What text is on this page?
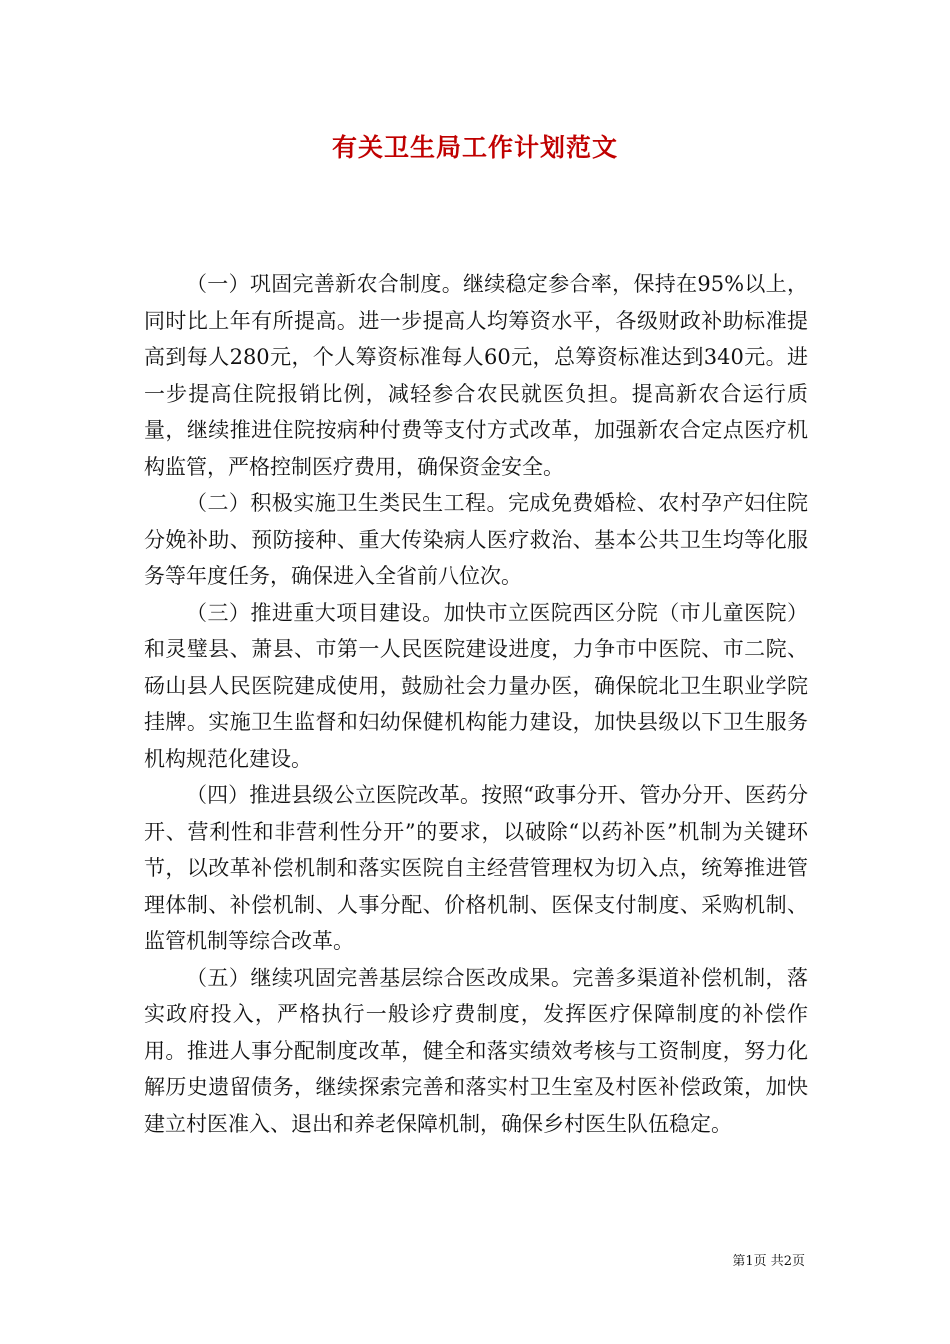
有关卫生局工作计划范文

（一）巩固完善新农合制度。继续稳定参合率，保持在95%以上，同时比上年有所提高。进一步提高人均筹资水平，各级财政补助标准提高到每人280元，个人筹资标准每人60元，总筹资标准达到340元。进一步提高住院报销比例，减轻参合农民就医负担。提高新农合运行质量，继续推进住院按病种付费等支付方式改革，加强新农合定点医疗机构监管，严格控制医疗费用，确保资金安全。

（二）积极实施卫生类民生工程。完成免费婚检、农村孕产妇住院分娩补助、预防接种、重大传染病人医疗救治、基本公共卫生均等化服务等年度任务，确保进入全省前八位次。

（三）推进重大项目建设。加快市立医院西区分院（市儿童医院）和灵璧县、萧县、市第一人民医院建设进度，力争市中医院、市二院、砀山县人民医院建成使用，鼓励社会力量办医，确保皖北卫生职业学院挂牌。实施卫生监督和妇幼保健机构能力建设，加快县级以下卫生服务机构规范化建设。

（四）推进县级公立医院改革。按照“政事分开、管办分开、医药分开、营利性和非营利性分开”的要求，以破除“以药补医”机制为关键环节，以改革补偿机制和落实医院自主经营管理权为切入点，统筹推进管理体制、补偿机制、人事分配、价格机制、医保支付制度、采购机制、监管机制等综合改革。

（五）继续巩固完善基层综合医改成果。完善多渠道补偿机制，落实政府投入，严格执行一般诊疗费制度，发挥医疗保障制度的补偿作用。推进人事分配制度改革，健全和落实绩效考核与工资制度，努力化解历史遗留债务，继续探索完善和落实村卫生室及村医补偿政策，加快建立村医准入、退出和养老保障机制，确保乡村医生队伍稳定。

第1页 共2页
